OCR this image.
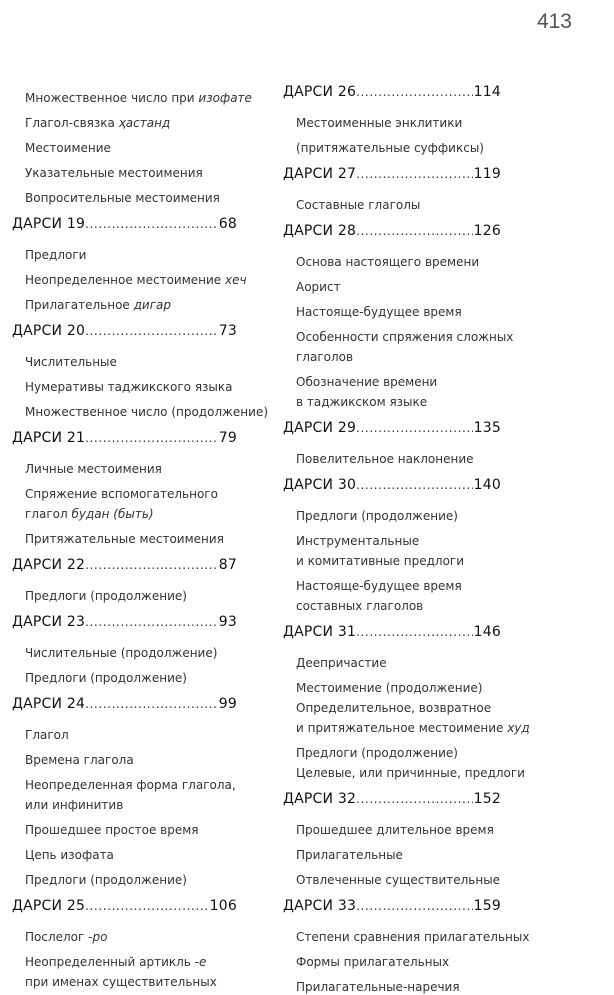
413
Множественное число при изофате
Глагол-связка ҳастанд
Местоимение
Указательные местоимения
Вопросительные местоимения
ДАРСИ 19 .....	68
Предлоги
Неопределенное местоимение хеч
Прилагательное дигар
ДАРСИ 20 .....	73
Числительные
Нумеративы таджикского языка
Множественное число (продолжение)
ДАРСИ 21 .....	79
Личные местоимения
Спряжение вспомогательного
глагол будан (быть)
Притяжательные местоимения
ДАРСИ 22 .....	87
Предлоги (продолжение)
ДАРСИ 23 .....	93
Числительные (продолжение)
Предлоги (продолжение)
ДАРСИ 24 .....	99
Глагол
Времена глагола
Неопределенная форма глагола,
или инфинитив
Прошедшее простое время
Цепь изофата
Предлоги (продолжение)
ДАРСИ 25 .....	106
Послелог -ро
Неопределенный артикль -е
при именах существительных
ДАРСИ 26 .....	114
Местоименные энклитики
(притяжательные суффиксы)
ДАРСИ 27 .....	119
Составные глаголы
ДАРСИ 28 .....	126
Основа настоящего времени
Аорист
Настояще-будущее время
Особенности спряжения сложных
глаголов
Обозначение времени
в таджикском языке
ДАРСИ 29 .....	135
Повелительное наклонение
ДАРСИ 30 .....	140
Предлоги (продолжение)
Инструментальные
и комитативные предлоги
Настояще-будущее время
составных глаголов
ДАРСИ 31 .....	146
Деепричастие
Местоимение (продолжение)
Определительное, возвратное
и притяжательное местоимение худ
Предлоги (продолжение)
Целевые, или причинные, предлоги
ДАРСИ 32 .....	152
Прошедшее длительное время
Прилагательные
Отвлеченные существительные
ДАРСИ 33 .....	159
Степени сравнения прилагательных
Формы прилагательных
Прилагательные-наречия
